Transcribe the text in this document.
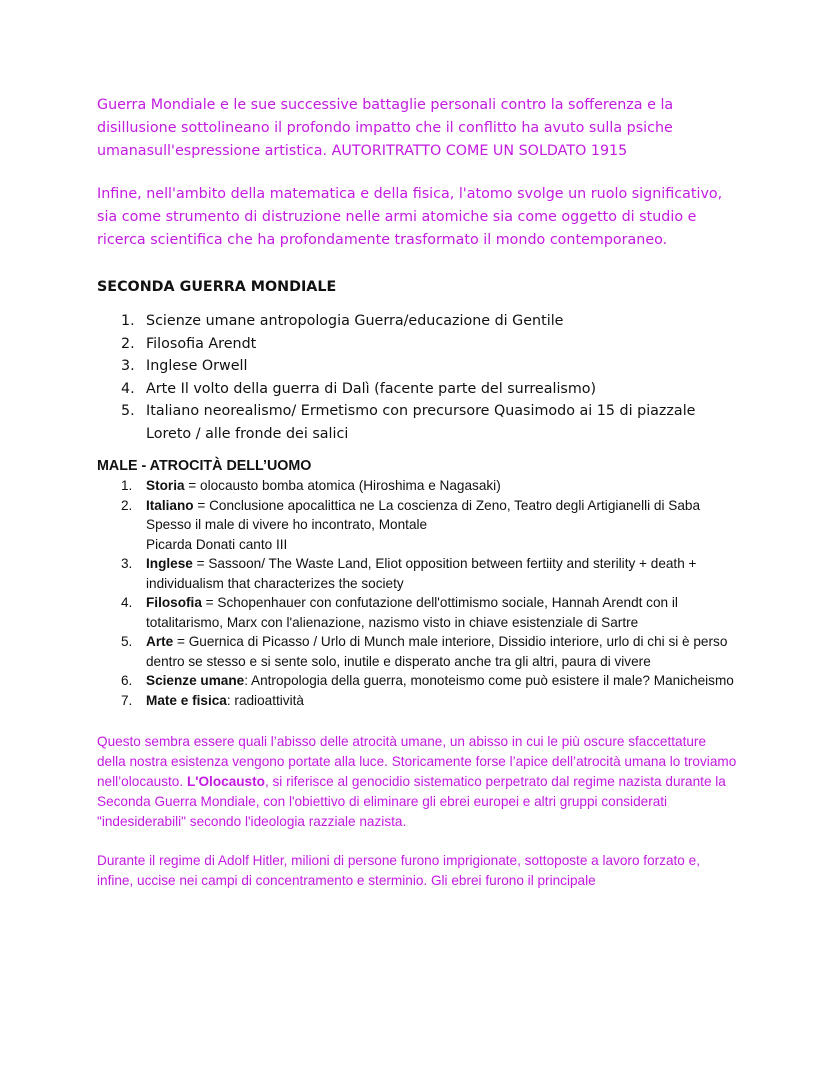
Guerra Mondiale e le sue successive battaglie personali contro la sofferenza e la disillusione sottolineano il profondo impatto che il conflitto ha avuto sulla psiche umanasull'espressione artistica. AUTORITRATTO COME UN SOLDATO 1915

Infine, nell'ambito della matematica e della fisica, l'atomo svolge un ruolo significativo, sia come strumento di distruzione nelle armi atomiche sia come oggetto di studio e ricerca scientifica che ha profondamente trasformato il mondo contemporaneo.

SECONDA GUERRA MONDIALE
1. Scienze umane antropologia Guerra/educazione di Gentile
2. Filosofia Arendt
3. Inglese Orwell
4. Arte Il volto della guerra di Dalì (facente parte del surrealismo)
5. Italiano neorealismo/ Ermetismo con precursore Quasimodo ai 15 di piazzale Loreto / alle fronde dei salici
MALE - ATROCITÀ DELL’UOMO
1. Storia = olocausto bomba atomica (Hiroshima e Nagasaki)
2. Italiano = Conclusione apocalittica ne La coscienza di Zeno, Teatro degli Artigianelli di Saba Spesso il male di vivere ho incontrato, Montale
Picarda Donati canto III
3. Inglese = Sassoon/ The Waste Land, Eliot opposition between fertiity and sterility + death + individualism that characterizes the society
4. Filosofia = Schopenhauer con confutazione dell'ottimismo sociale, Hannah Arendt con il totalitarismo, Marx con l'alienazione, nazismo visto in chiave esistenziale di Sartre
5. Arte = Guernica di Picasso / Urlo di Munch male interiore, Dissidio interiore, urlo di chi si è perso dentro se stesso e si sente solo, inutile e disperato anche tra gli altri, paura di vivere
6. Scienze umane: Antropologia della guerra, monoteismo come può esistere il male? Manicheismo
7. Mate e fisica: radioattività

Questo sembra essere quali l’abisso delle atrocità umane, un abisso in cui le più oscure sfaccettature della nostra esistenza vengono portate alla luce. Storicamente forse l’apice dell’atrocità umana lo troviamo nell’olocausto. L'Olocausto, si riferisce al genocidio sistematico perpetrato dal regime nazista durante la Seconda Guerra Mondiale, con l'obiettivo di eliminare gli ebrei europei e altri gruppi considerati "indesiderabili" secondo l'ideologia razziale nazista.

Durante il regime di Adolf Hitler, milioni di persone furono imprigionate, sottoposte a lavoro forzato e, infine, uccise nei campi di concentramento e sterminio. Gli ebrei furono il principale
